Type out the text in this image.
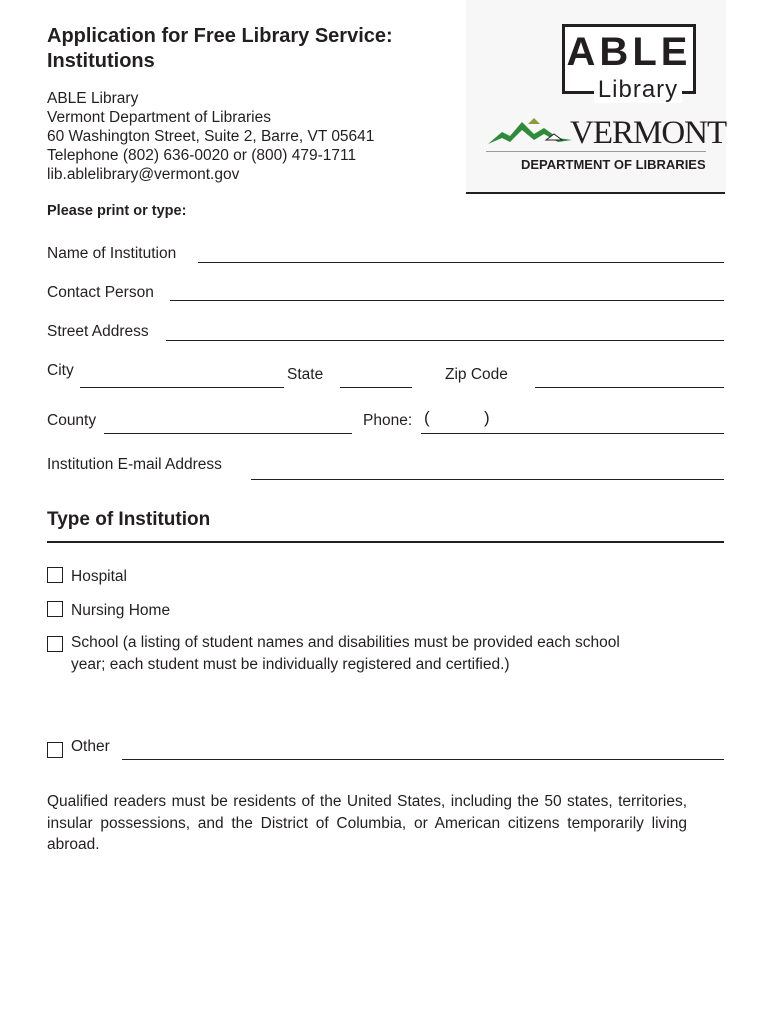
Application for Free Library Service:
Institutions
ABLE Library
Vermont Department of Libraries
60 Washington Street, Suite 2, Barre, VT 05641
Telephone (802) 636-0020 or (800) 479-1711
lib.ablelibrary@vermont.gov
ABLE
Library
VERMONT
DEPARTMENT OF LIBRARIES
Please print or type:
Name of Institution
Contact Person
Street Address
City	State	Zip Code
County	Phone: (	)
Institution E-mail Address
Type of Institution
Hospital
Nursing Home
School (a listing of student names and disabilities must be provided each school
year; each student must be individually registered and certified.)
Other

Qualified readers must be residents of the United States, including the 50 states, territories, insular possessions, and the District of Columbia, or American citizens temporarily living abroad.
